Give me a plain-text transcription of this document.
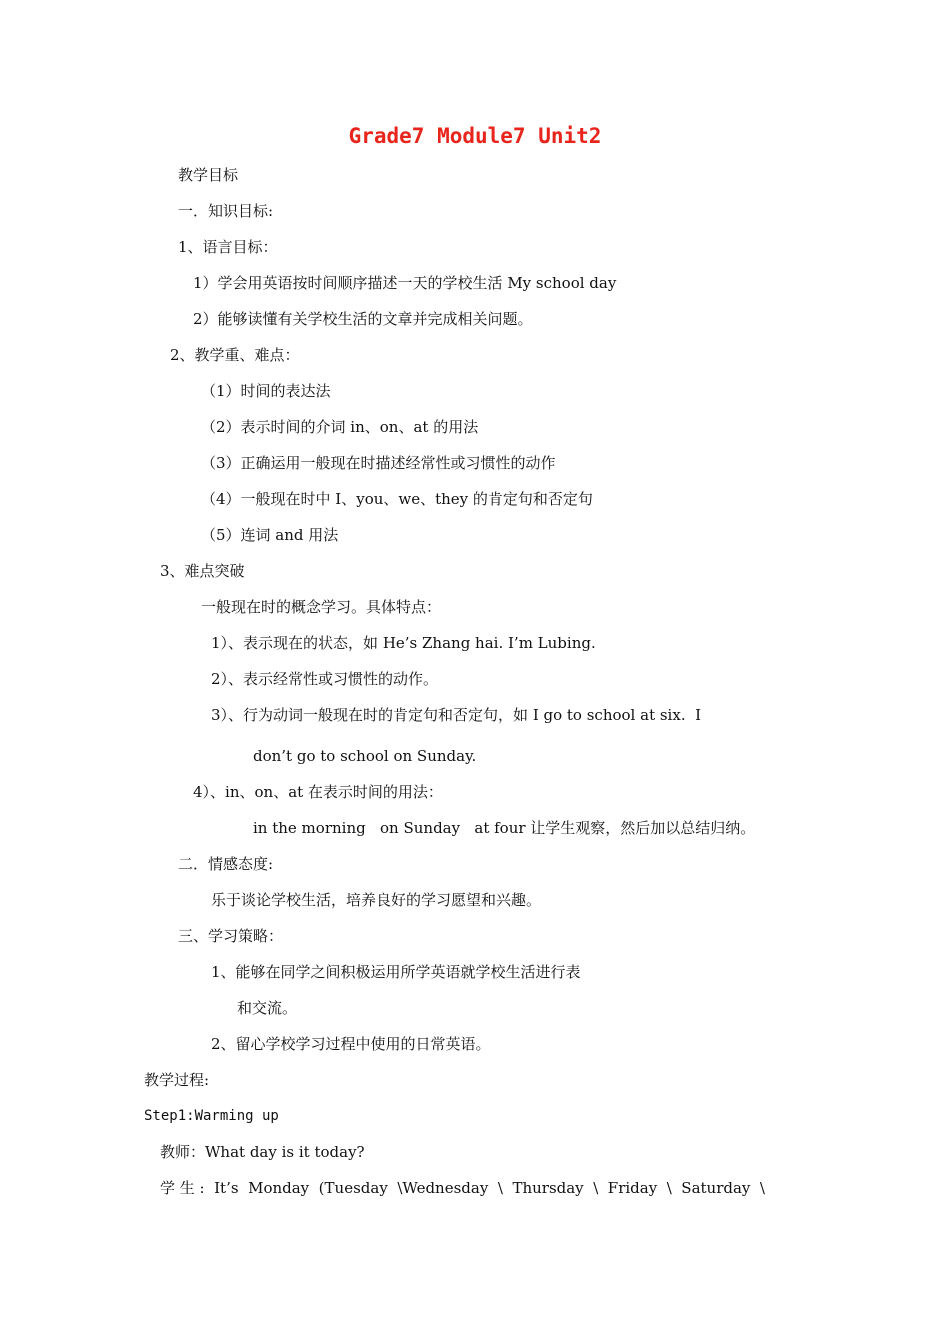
Grade7 Module7 Unit2
教学目标
一．知识目标:
1、语言目标：
1）学会用英语按时间顺序描述一天的学校生活 My school day
2）能够读懂有关学校生活的文章并完成相关问题。
2、教学重、难点：
（1）时间的表达法
（2）表示时间的介词 in、on、at 的用法
（3）正确运用一般现在时描述经常性或习惯性的动作
（4）一般现在时中 I、you、we、they 的肯定句和否定句
（5）连词 and 用法
3、难点突破
一般现在时的概念学习。具体特点：
1）、表示现在的状态，如 He’s Zhang hai. I’m Lubing.
2）、表示经常性或习惯性的动作。
3）、行为动词一般现在时的肯定句和否定句，如 I go to school at six.  I
don’t go to school on Sunday.
4）、in、on、at 在表示时间的用法：
in the morning   on Sunday   at four 让学生观察，然后加以总结归纳。
二．情感态度:
乐于谈论学校生活，培养良好的学习愿望和兴趣。
三、学习策略：
1、能够在同学之间积极运用所学英语就学校生活进行表
和交流。
2、留心学校学习过程中使用的日常英语。
教学过程:
Step1:Warming up
教师：What day is it today?
学 生 :  It’s  Monday  (Tuesday  \Wednesday  \  Thursday  \  Friday  \  Saturday  \
